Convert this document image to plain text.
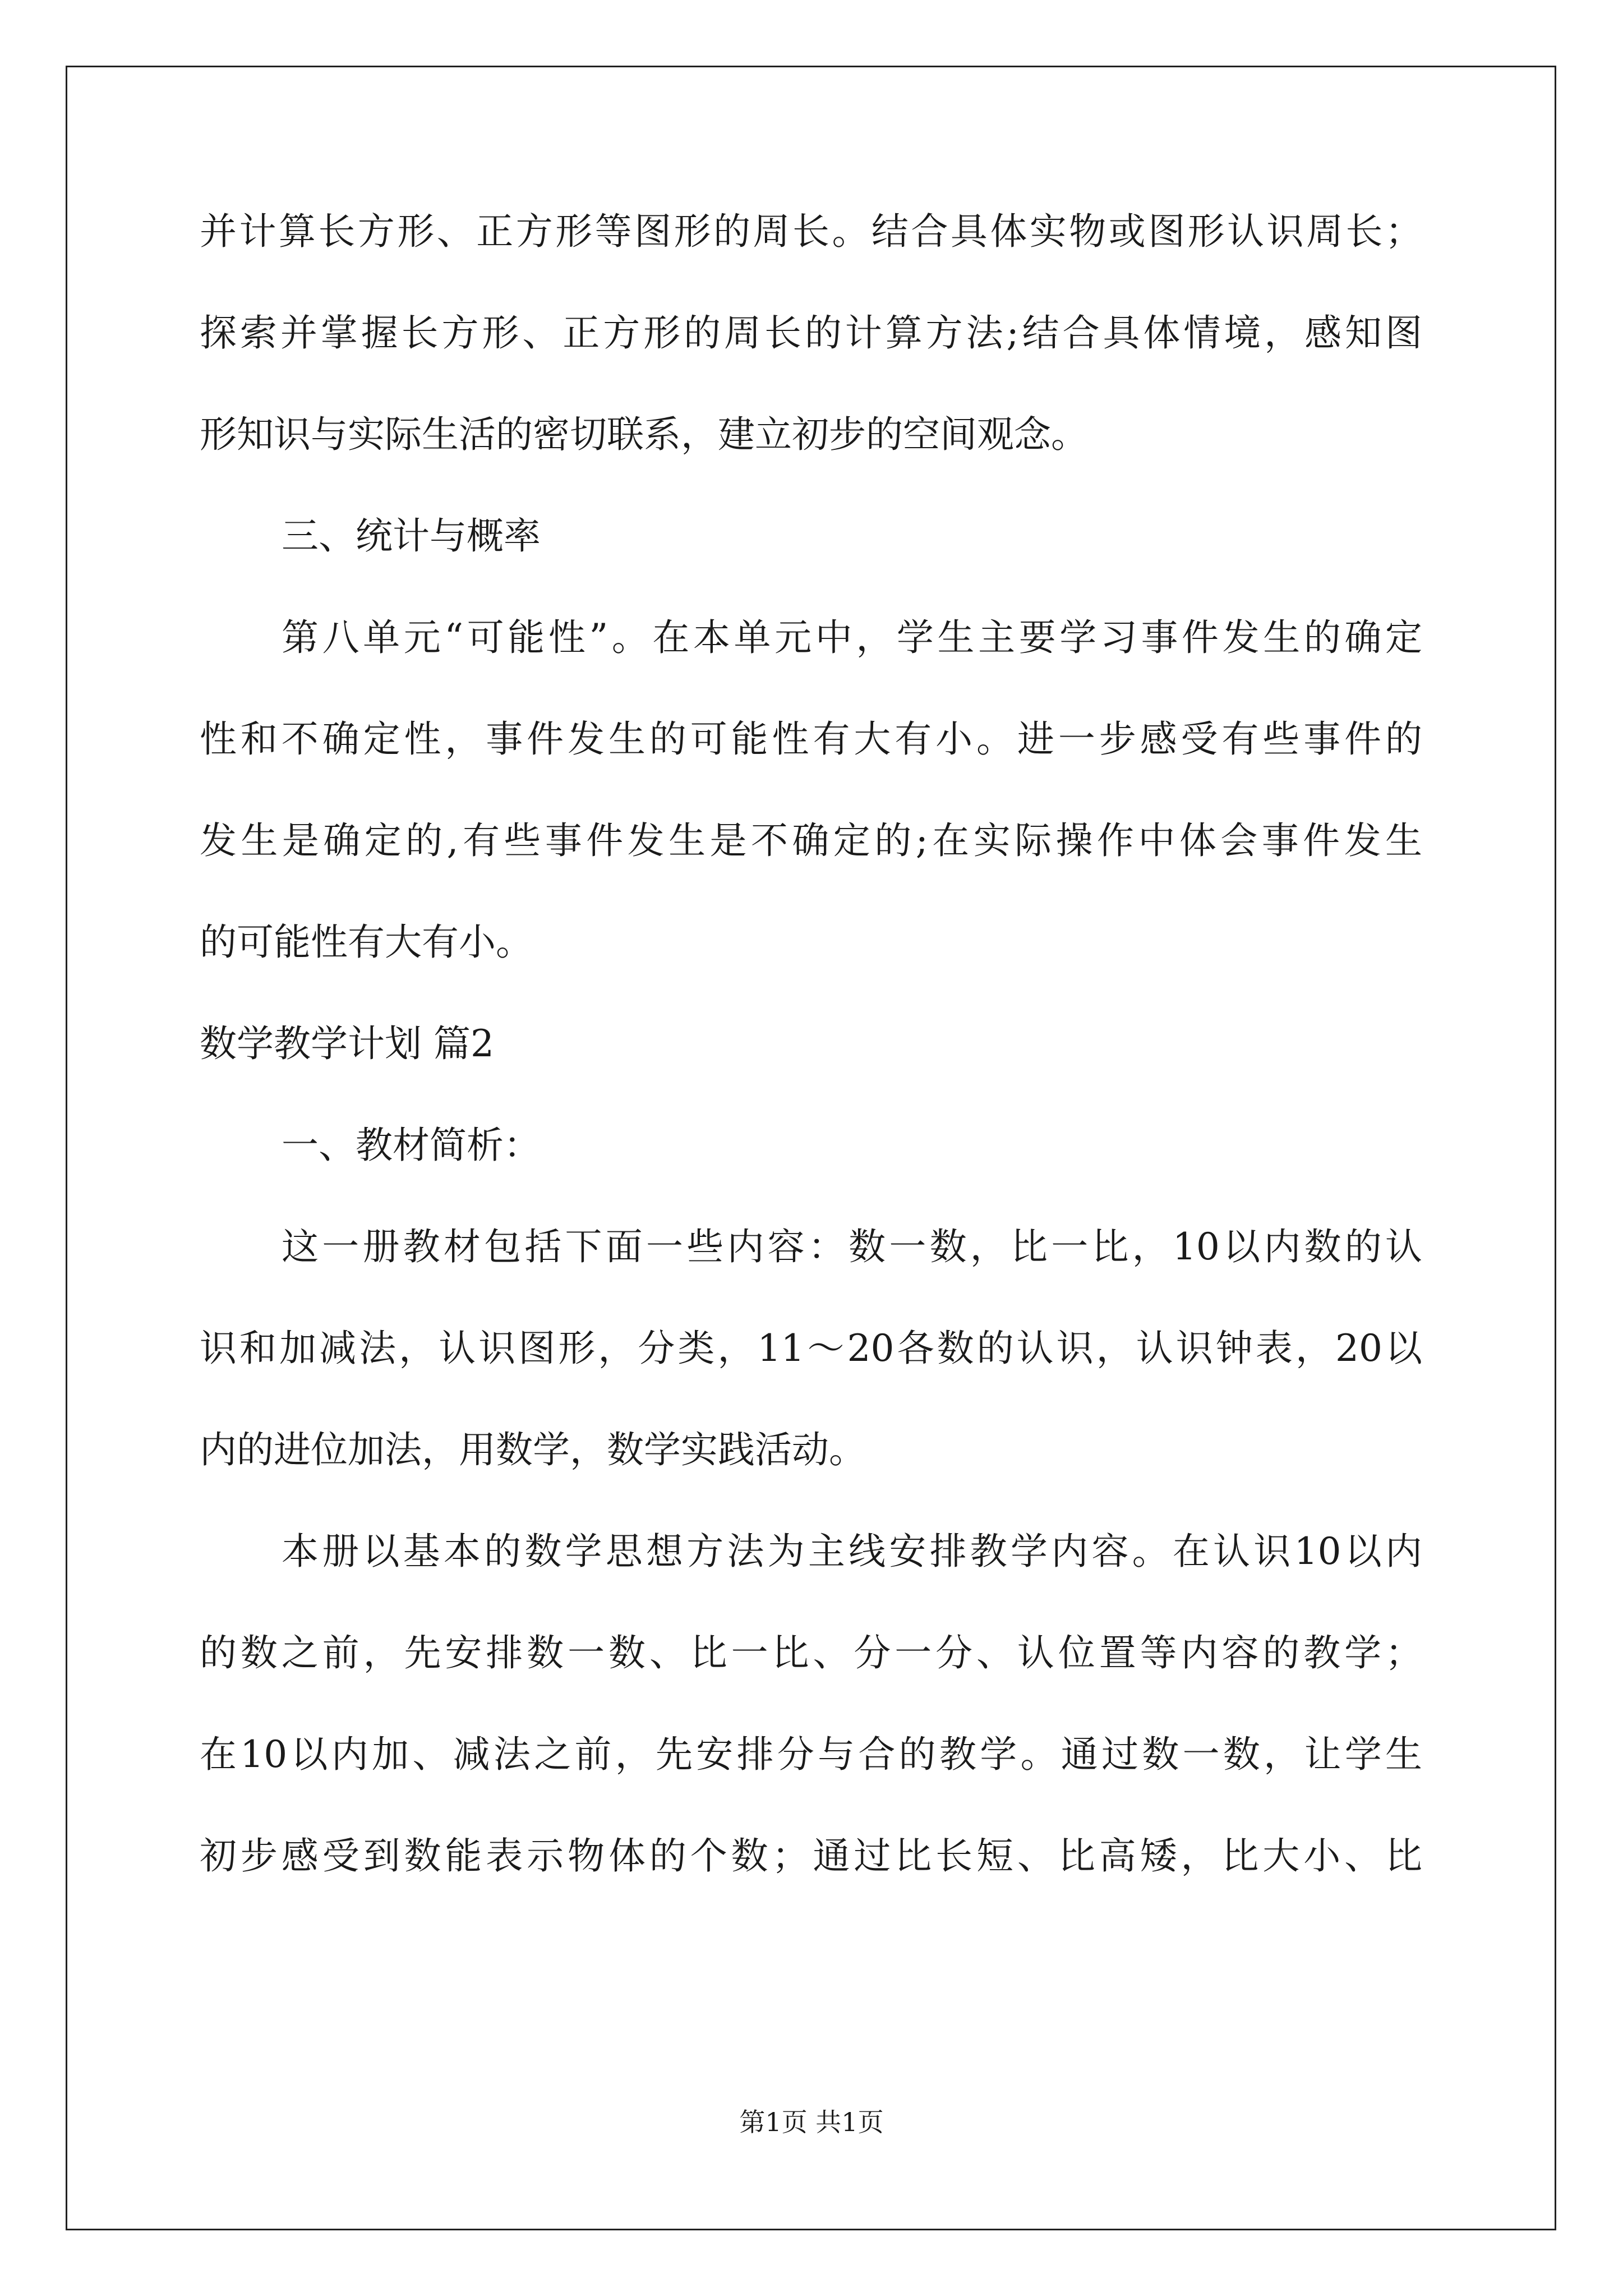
并计算长方形、正方形等图形的周长。结合具体实物或图形认识周长；
探索并掌握长方形、正方形的周长的计算方法;结合具体情境，感知图
形知识与实际生活的密切联系，建立初步的空间观念。
三、统计与概率
第八单元“可能性”。在本单元中，学生主要学习事件发生的确定
性和不确定性，事件发生的可能性有大有小。进一步感受有些事件的
发生是确定的,有些事件发生是不确定的;在实际操作中体会事件发生
的可能性有大有小。
数学教学计划 篇2
一、教材简析：
这一册教材包括下面一些内容：数一数，比一比，10以内数的认
识和加减法，认识图形，分类，11～20各数的认识，认识钟表，20以
内的进位加法，用数学，数学实践活动。
本册以基本的数学思想方法为主线安排教学内容。在认识10以内
的数之前，先安排数一数、比一比、分一分、认位置等内容的教学；
在10以内加、减法之前，先安排分与合的教学。通过数一数，让学生
初步感受到数能表示物体的个数；通过比长短、比高矮，比大小、比
第1页 共1页
